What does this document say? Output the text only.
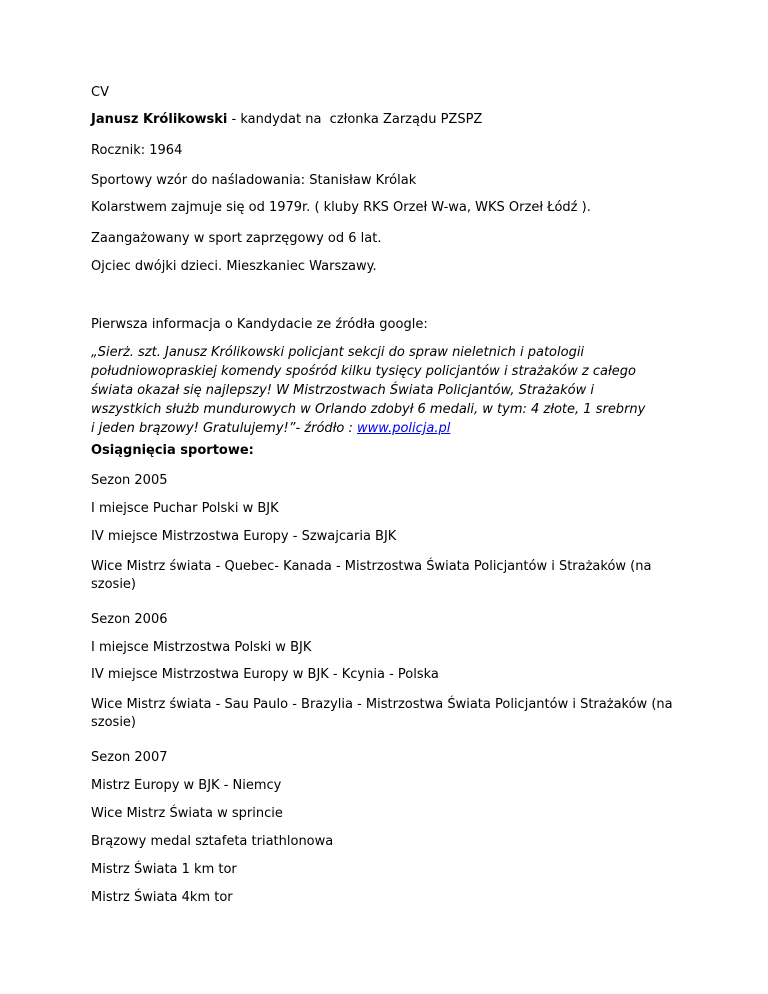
CV
Janusz Królikowski - kandydat na  członka Zarządu PZSPZ
Rocznik: 1964
Sportowy wzór do naśladowania: Stanisław Królak
Kolarstwem zajmuje się od 1979r. ( kluby RKS Orzeł W-wa, WKS Orzeł Łódź ).
Zaangażowany w sport zaprzęgowy od 6 lat.
Ojciec dwójki dzieci. Mieszkaniec Warszawy.
Pierwsza informacja o Kandydacie ze źródła google:
„Sierż. szt. Janusz Królikowski policjant sekcji do spraw nieletnich i patologii południowopraskiej komendy spośród kilku tysięcy policjantów i strażaków z całego świata okazał się najlepszy! W Mistrzostwach Świata Policjantów, Strażaków i wszystkich służb mundurowych w Orlando zdobył 6 medali, w tym: 4 złote, 1 srebrny i jeden brązowy! Gratulujemy!”- źródło : www.policja.pl
Osiągnięcia sportowe:
Sezon 2005
I miejsce Puchar Polski w BJK
IV miejsce Mistrzostwa Europy - Szwajcaria BJK
Wice Mistrz świata - Quebec- Kanada - Mistrzostwa Świata Policjantów i Strażaków (na szosie)
Sezon 2006
I miejsce Mistrzostwa Polski w BJK
IV miejsce Mistrzostwa Europy w BJK - Kcynia - Polska
Wice Mistrz świata - Sau Paulo - Brazylia - Mistrzostwa Świata Policjantów i Strażaków (na szosie)
Sezon 2007
Mistrz Europy w BJK - Niemcy
Wice Mistrz Świata w sprincie
Brązowy medal sztafeta triathlonowa
Mistrz Świata 1 km tor
Mistrz Świata 4km tor
